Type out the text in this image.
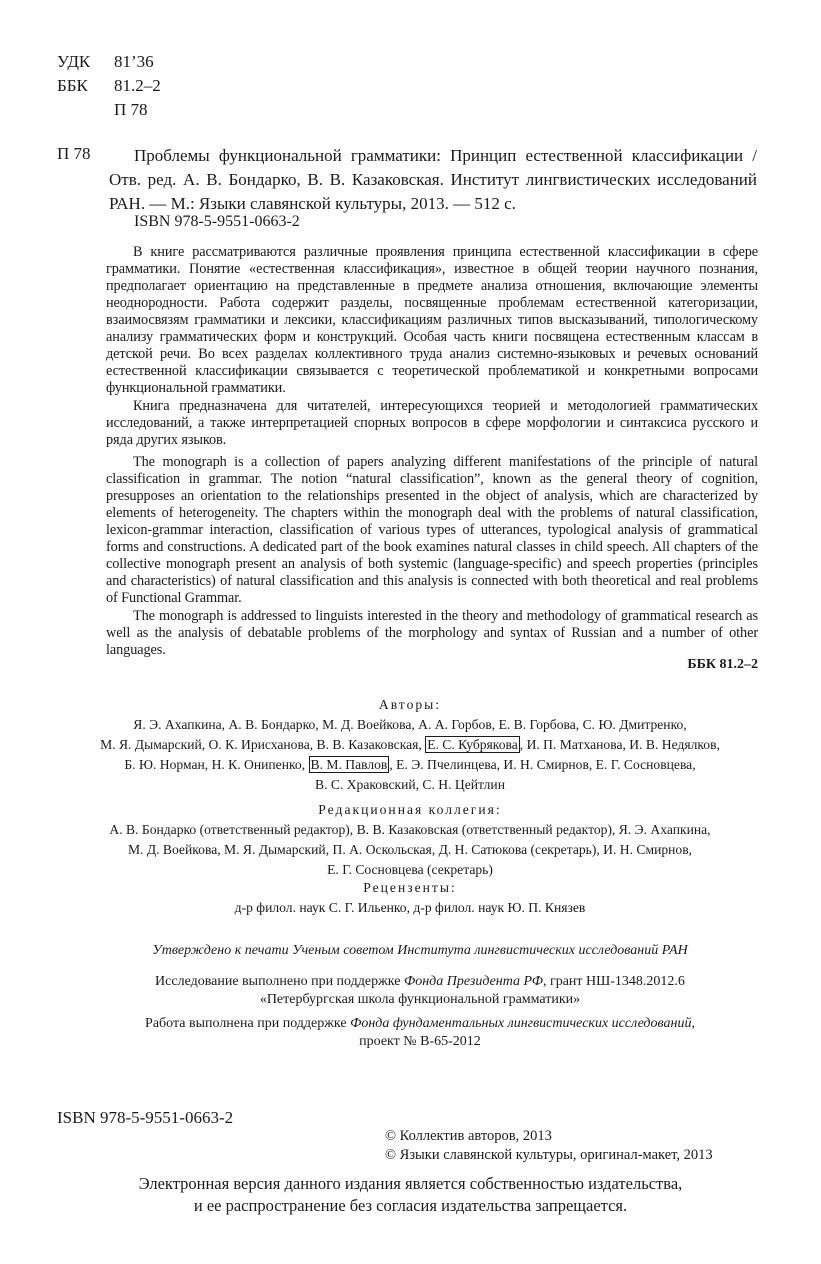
УДК 81’36
ББК 81.2–2
П 78
П 78	Проблемы функциональной грамматики: Принцип естественной классификации / Отв. ред. А. В. Бондарко, В. В. Казаковская. Институт лингвистических исследований РАН. — М.: Языки славянской культуры, 2013. — 512 с.
ISBN 978-5-9551-0663-2

В книге рассматриваются различные проявления принципа естественной классификации в сфере грамматики. Понятие «естественная классификация», известное в общей теории научного познания, предполагает ориентацию на представленные в предмете анализа отношения, включающие элементы неоднородности. Работа содержит разделы, посвященные проблемам естественной категоризации, взаимосвязям грамматики и лексики, классификациям различных типов высказываний, типологическому анализу грамматических форм и конструкций. Особая часть книги посвящена естественным классам в детской речи. Во всех разделах коллективного труда анализ системно-языковых и речевых оснований естественной классификации связывается с теоретической проблематикой и конкретными вопросами функциональной грамматики.

Книга предназначена для читателей, интересующихся теорией и методологией грамматических исследований, а также интерпретацией спорных вопросов в сфере морфологии и синтаксиса русского и ряда других языков.

The monograph is a collection of papers analyzing different manifestations of the principle of natural classification in grammar. The notion “natural classification”, known as the general theory of cognition, presupposes an orientation to the relationships presented in the object of analysis, which are characterized by elements of heterogeneity. The chapters within the monograph deal with the problems of natural classification, lexicon-grammar interaction, classification of various types of utterances, typological analysis of grammatical forms and constructions. A dedicated part of the book examines natural classes in child speech. All chapters of the collective monograph present an analysis of both systemic (language-specific) and speech properties (principles and characteristics) of natural classification and this analysis is connected with both theoretical and real problems of Functional Grammar.

The monograph is addressed to linguists interested in the theory and methodology of grammatical research as well as the analysis of debatable problems of the morphology and syntax of Russian and a number of other languages.

ББК 81.2–2
Авторы:
Я. Э. Ахапкина, А. В. Бондарко, М. Д. Воейкова, А. А. Горбов, Е. В. Горбова, С. Ю. Дмитренко,
М. Я. Дымарский, О. К. Ирисханова, В. В. Казаковская, Е. С. Кубрякова , И. П. Матханова, И. В. Недялков,
Б. Ю. Норман, Н. К. Онипенко, В. М. Павлов , Е. Э. Пчелинцева, И. Н. Смирнов, Е. Г. Сосновцева,
В. С. Храковский, С. Н. Цейтлин
Редакционная коллегия:
А. В. Бондарко (ответственный редактор), В. В. Казаковская (ответственный редактор), Я. Э. Ахапкина,
М. Д. Воейкова, М. Я. Дымарский, П. А. Оскольская, Д. Н. Сатюкова (секретарь), И. Н. Смирнов,
Е. Г. Сосновцева (секретарь)
Рецензенты:
д-р филол. наук С. Г. Ильенко, д-р филол. наук Ю. П. Князев
Утверждено к печати Ученым советом Института лингвистических исследований РАН
Исследование выполнено при поддержке Фонда Президента РФ, грант НШ-1348.2012.6
«Петербургская школа функциональной грамматики»
Работа выполнена при поддержке Фонда фундаментальных лингвистических исследований,
проект № B-65-2012
ISBN 978-5-9551-0663-2
© Коллектив авторов, 2013
© Языки славянской культуры, оригинал-макет, 2013
Электронная версия данного издания является собственностью издательства,
и ее распространение без согласия издательства запрещается.
